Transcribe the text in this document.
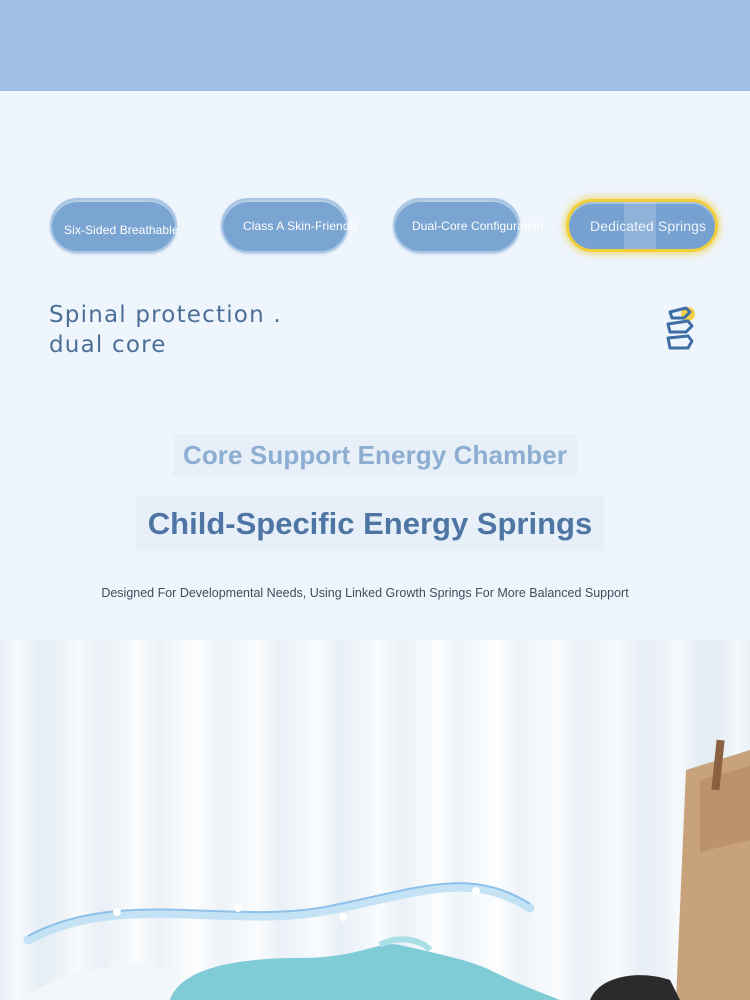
Six-Sided Breathable	Class A Skin-Friendly	Dual-Core Configuration	Dedicated Springs
Spinal protection .
dual core
Core Support Energy Chamber
Child-Specific Energy Springs
Designed For Developmental Needs, Using Linked Growth Springs For More Balanced Support
